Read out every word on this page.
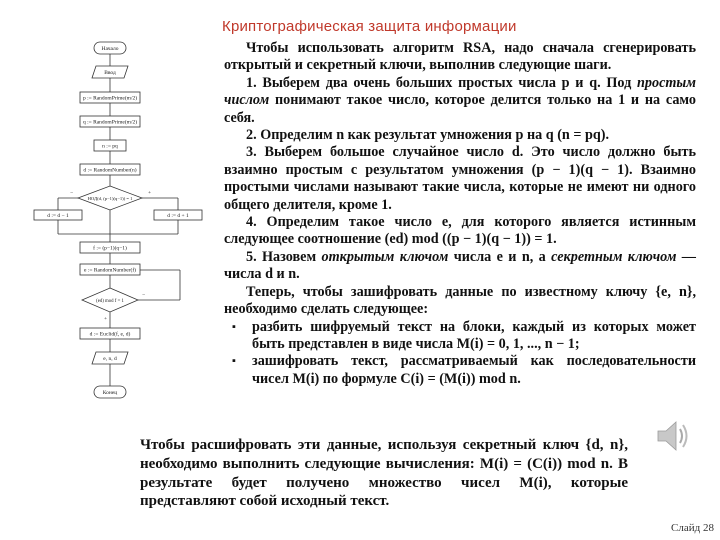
Криптографическая защита информации
Начало
Ввод
p := RandomPrime(m/2)
q := RandomPrime(m/2)
n := pq
d := RandomNumber(n)
НОД(d, (p−1)(q−1)) = 1
−	+
d := d − 1	d := d + 1
f := (p−1)(q−1)
e := RandomNumber(f)
(ed) mod f = 1
−
+
d := Euclid(f, e, d)
e, n, d
Конец

Чтобы использовать алгоритм RSA, надо сначала сгенерировать открытый и секретный ключи, выполнив следующие шаги.

1. Выберем два очень больших простых числа p и q. Под простым числом понимают такое число, которое делится только на 1 и на само себя.

2. Определим n как результат умножения p на q (n = pq).

3. Выберем большое случайное число d. Это число должно быть взаимно простым с результатом умножения (p − 1)(q − 1). Взаимно простыми числами называют такие числа, которые не имеют ни одного общего делителя, кроме 1.

4. Определим такое число e, для которого является истинным следующее соотношение (ed) mod ((p − 1)(q − 1)) = 1.

5. Назовем открытым ключом числа e и n, а секретным ключом — числа d и n.

Теперь, чтобы зашифровать данные по известному ключу {e, n}, необходимо сделать следующее:

▪ разбить шифруемый текст на блоки, каждый из которых может быть представлен в виде числа M(i) = 0, 1, ..., n − 1;
▪ зашифровать текст, рассматриваемый как последовательности чисел M(i) по формуле C(i) = (M(i)) mod n.

Чтобы расшифровать эти данные, используя секретный ключ {d, n}, необходимо выполнить следующие вычисления: M(i) = (C(i)) mod n. В результате будет получено множество чисел M(i), которые представляют собой исходный текст.

Слайд 28
